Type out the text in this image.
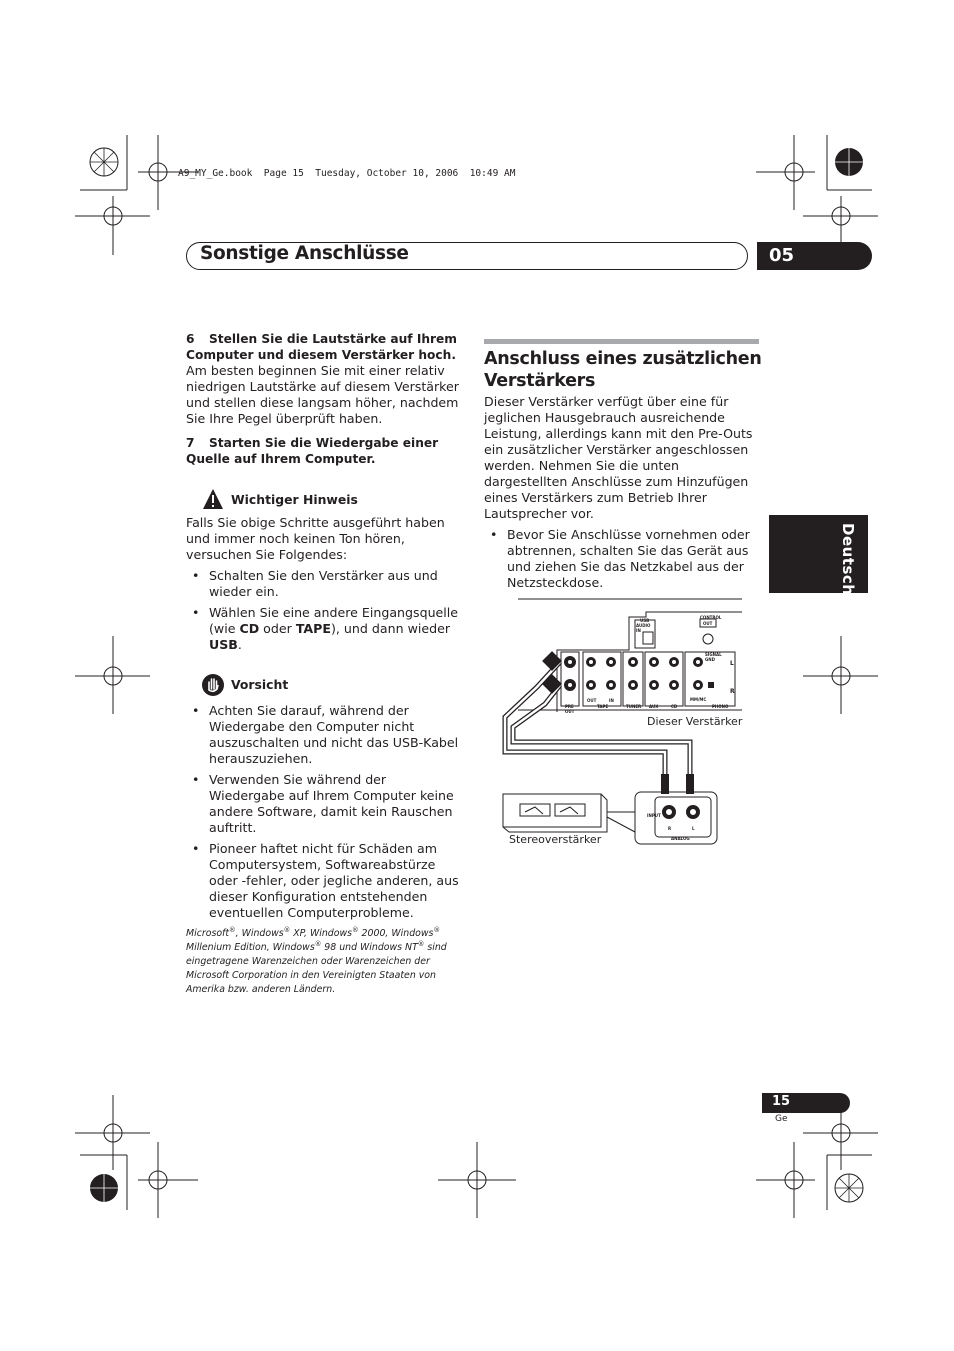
A9_MY_Ge.book  Page 15  Tuesday, October 10, 2006  10:49 AM
Sonstige Anschlüsse	05
Deutsch

6 Stellen Sie die Lautstärke auf Ihrem Computer und diesem Verstärker hoch.

Am besten beginnen Sie mit einer relativ niedrigen Lautstärke auf diesem Verstärker und stellen diese langsam höher, nachdem Sie Ihre Pegel überprüft haben.

7 Starten Sie die Wiedergabe einer Quelle auf Ihrem Computer.

Wichtiger Hinweis

Falls Sie obige Schritte ausgeführt haben und immer noch keinen Ton hören, versuchen Sie Folgendes:

• Schalten Sie den Verstärker aus und wieder ein.
• Wählen Sie eine andere Eingangsquelle (wie CD oder TAPE), und dann wieder USB.
Vorsicht
• Achten Sie darauf, während der Wiedergabe den Computer nicht auszuschalten und nicht das USB-Kabel herauszuziehen.
• Verwenden Sie während der Wiedergabe auf Ihrem Computer keine andere Software, damit kein Rauschen auftritt.
• Pioneer haftet nicht für Schäden am Computersystem, Softwareabstürze oder -fehler, oder jegliche anderen, aus dieser Konfiguration entstehenden eventuellen Computerprobleme.

Microsoft®, Windows® XP, Windows® 2000, Windows® Millenium Edition, Windows® 98 und Windows NT® sind eingetragene Warenzeichen oder Warenzeichen der Microsoft Corporation in den Vereinigten Staaten von Amerika bzw. anderen Ländern.

Anschluss eines zusätzlichen Verstärkers

Dieser Verstärker verfügt über eine für jeglichen Hausgebrauch ausreichende Leistung, allerdings kann mit den Pre-Outs ein zusätzlicher Verstärker angeschlossen werden. Nehmen Sie die unten dargestellten Anschlüsse zum Hinzufügen eines Verstärkers zum Betrieb Ihrer Lautsprecher vor.

• Bevor Sie Anschlüsse vornehmen oder abtrennen, schalten Sie das Gerät aus und ziehen Sie das Netzkabel aus der Netzsteckdose.
USB
AUDIO IN
CONTROL
OUT
SIGNAL GND
PRE OUT
OUT	IN
TAPE	TUNER AUX	CD	PHONO
MM/MC
L
R
INPUT
R	L
ANALOG
Dieser Verstärker
Stereoverstärker
15
Ge
